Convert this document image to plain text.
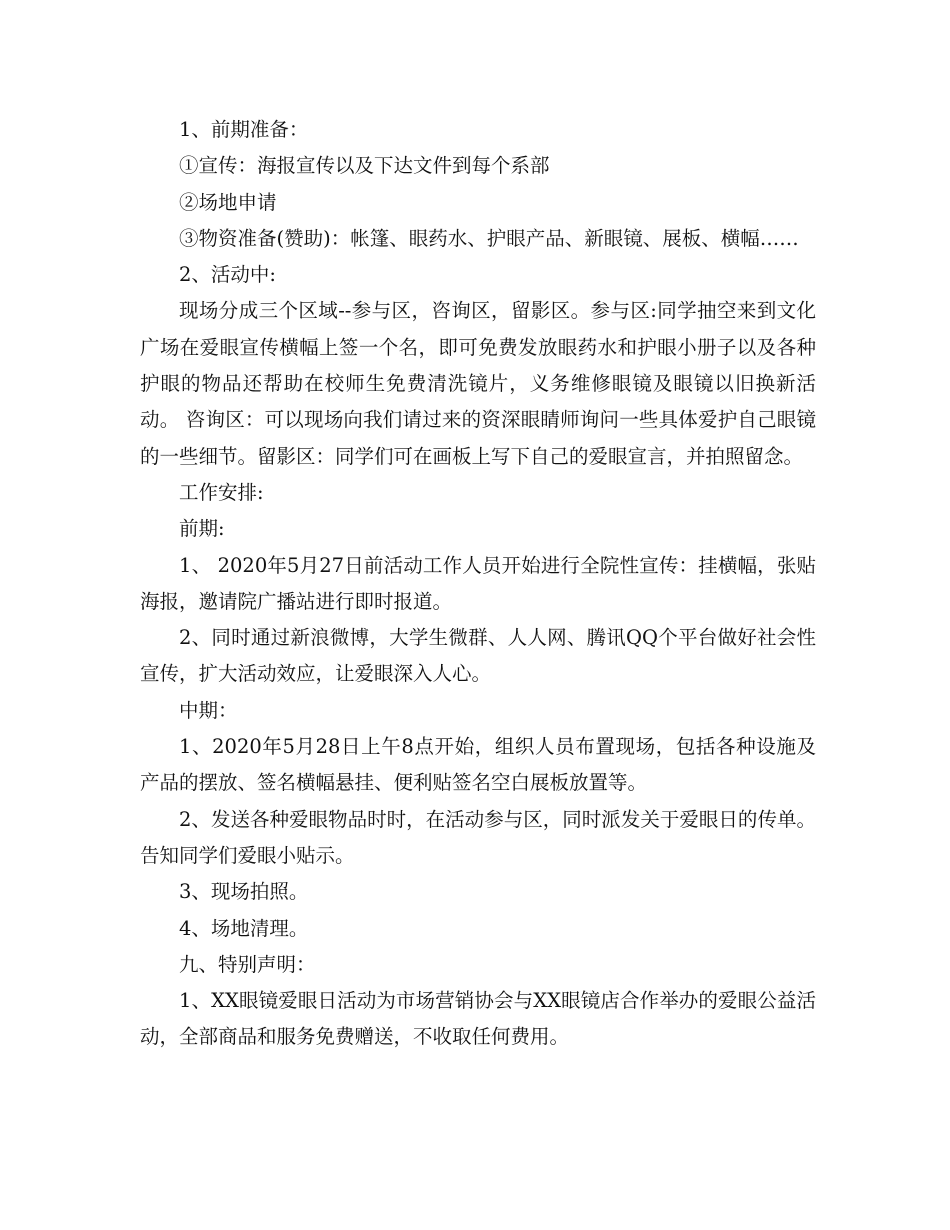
1、前期准备：

①宣传：海报宣传以及下达文件到每个系部

②场地申请

③物资准备(赞助)：帐篷、眼药水、护眼产品、新眼镜、展板、横幅……

2、活动中:

现场分成三个区域--参与区，咨询区，留影区。参与区:同学抽空来到文化广场在爱眼宣传横幅上签一个名，即可免费发放眼药水和护眼小册子以及各种护眼的物品还帮助在校师生免费清洗镜片，义务维修眼镜及眼镜以旧换新活动。 咨询区：可以现场向我们请过来的资深眼睛师询问一些具体爱护自己眼镜的一些细节。留影区：同学们可在画板上写下自己的爱眼宣言，并拍照留念。

工作安排:

前期:

1、 2020年5月27日前活动工作人员开始进行全院性宣传：挂横幅，张贴海报，邀请院广播站进行即时报道。

2、同时通过新浪微博，大学生微群、人人网、腾讯QQ个平台做好社会性宣传，扩大活动效应，让爱眼深入人心。

中期：

1、2020年5月28日上午8点开始，组织人员布置现场，包括各种设施及产品的摆放、签名横幅悬挂、便利贴签名空白展板放置等。

2、发送各种爱眼物品时时，在活动参与区，同时派发关于爱眼日的传单。告知同学们爱眼小贴示。

3、现场拍照。

4、场地清理。

九、特别声明：

1、XX眼镜爱眼日活动为市场营销协会与XX眼镜店合作举办的爱眼公益活动，全部商品和服务免费赠送，不收取任何费用。
